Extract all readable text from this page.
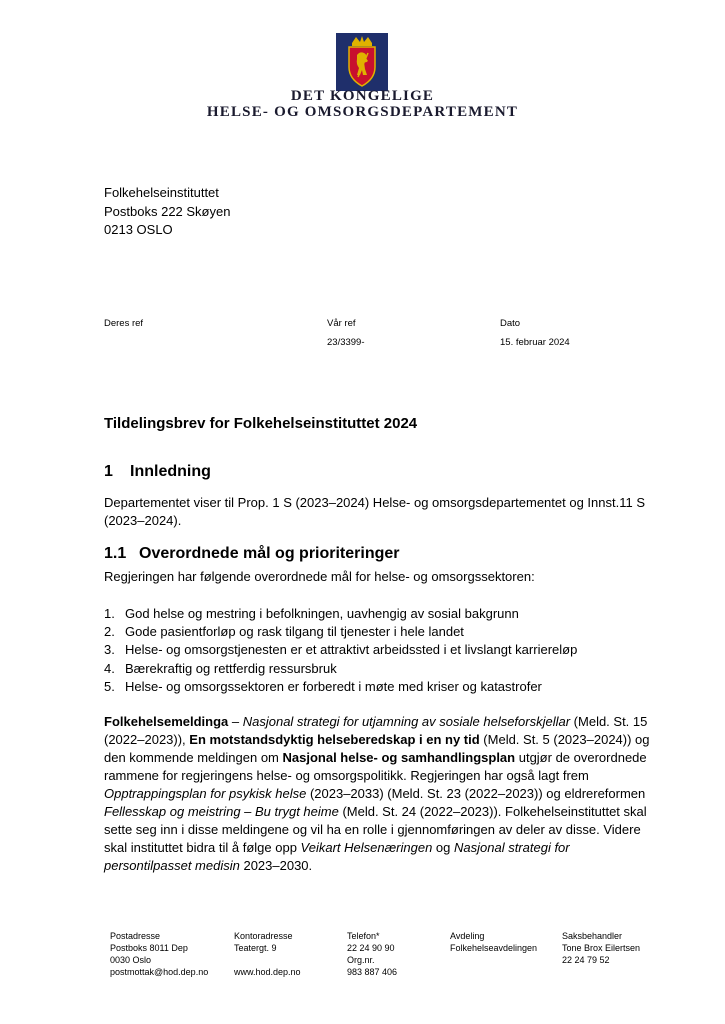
DET KONGELIGE
HELSE- OG OMSORGSDEPARTEMENT
Folkehelseinstituttet
Postboks 222 Skøyen
0213 OSLO
Deres ref	Vår ref
23/3399-
Dato
15. februar 2024
Tildelingsbrev for Folkehelseinstituttet 2024
1 Innledning
Departementet viser til Prop. 1 S (2023–2024) Helse- og omsorgsdepartementet og Innst.11 S (2023–2024).
1.1 Overordnede mål og prioriteringer
Regjeringen har følgende overordnede mål for helse- og omsorgssektoren:
1. God helse og mestring i befolkningen, uavhengig av sosial bakgrunn
2. Gode pasientforløp og rask tilgang til tjenester i hele landet
3. Helse- og omsorgstjenesten er et attraktivt arbeidssted i et livslangt karriereløp
4. Bærekraftig og rettferdig ressursbruk
5. Helse- og omsorgssektoren er forberedt i møte med kriser og katastrofer
Folkehelsemeldinga – Nasjonal strategi for utjamning av sosiale helseforskjellar (Meld. St. 15 (2022–2023)), En motstandsdyktig helseberedskap i en ny tid (Meld. St. 5 (2023–2024)) og den kommende meldingen om Nasjonal helse- og samhandlingsplan utgjør de overordnede rammene for regjeringens helse- og omsorgspolitikk. Regjeringen har også lagt frem Opptrappingsplan for psykisk helse (2023–2033) (Meld. St. 23 (2022–2023)) og eldrereformen Fellesskap og meistring – Bu trygt heime (Meld. St. 24 (2022–2023)). Folkehelseinstituttet skal sette seg inn i disse meldingene og vil ha en rolle i gjennomføringen av deler av disse. Videre skal instituttet bidra til å følge opp Veikart Helsenæringen og Nasjonal strategi for persontilpasset medisin 2023–2030.
Postadresse
Postboks 8011 Dep
0030 Oslo
postmottak@hod.dep.no
Kontoradresse
Teatergt. 9
www.hod.dep.no
Telefon*
22 24 90 90
Org.nr.
983 887 406
Avdeling
Folkehelseavdelingen
Saksbehandler
Tone Brox Eilertsen
22 24 79 52
